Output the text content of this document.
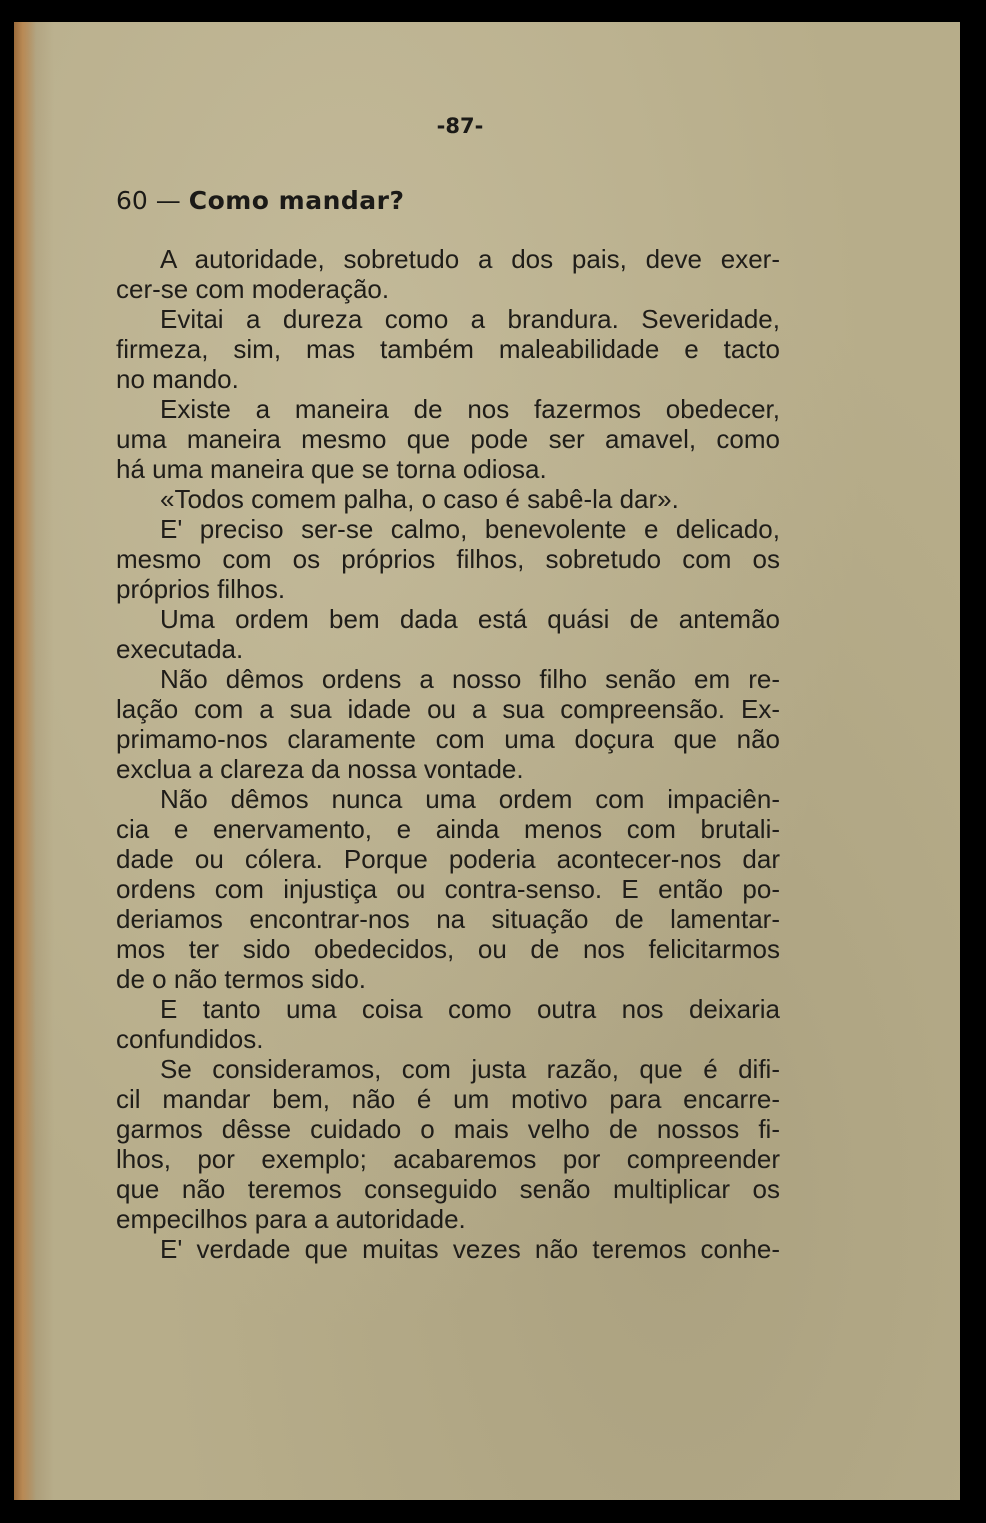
-87-
60 — Como mandar?
A autoridade, sobretudo a dos pais, deve exer-
cer-se com moderação.
Evitai a dureza como a brandura. Severidade,
firmeza, sim, mas também maleabilidade e tacto
no mando.
Existe a maneira de nos fazermos obedecer,
uma maneira mesmo que pode ser amavel, como
há uma maneira que se torna odiosa.
«Todos comem palha, o caso é sabê-la dar».
E' preciso ser-se calmo, benevolente e delicado,
mesmo com os próprios filhos, sobretudo com os
próprios filhos.
Uma ordem bem dada está quási de antemão
executada.
Não dêmos ordens a nosso filho senão em re-
lação com a sua idade ou a sua compreensão. Ex-
primamo-nos claramente com uma doçura que não
exclua a clareza da nossa vontade.
Não dêmos nunca uma ordem com impaciên-
cia e enervamento, e ainda menos com brutali-
dade ou cólera. Porque poderia acontecer-nos dar
ordens com injustiça ou contra-senso. E então po-
deriamos encontrar-nos na situação de lamentar-
mos ter sido obedecidos, ou de nos felicitarmos
de o não termos sido.
E tanto uma coisa como outra nos deixaria
confundidos.
Se consideramos, com justa razão, que é difi-
cil mandar bem, não é um motivo para encarre-
garmos dêsse cuidado o mais velho de nossos fi-
lhos, por exemplo; acabaremos por compreender
que não teremos conseguido senão multiplicar os
empecilhos para a autoridade.
E' verdade que muitas vezes não teremos conhe-
